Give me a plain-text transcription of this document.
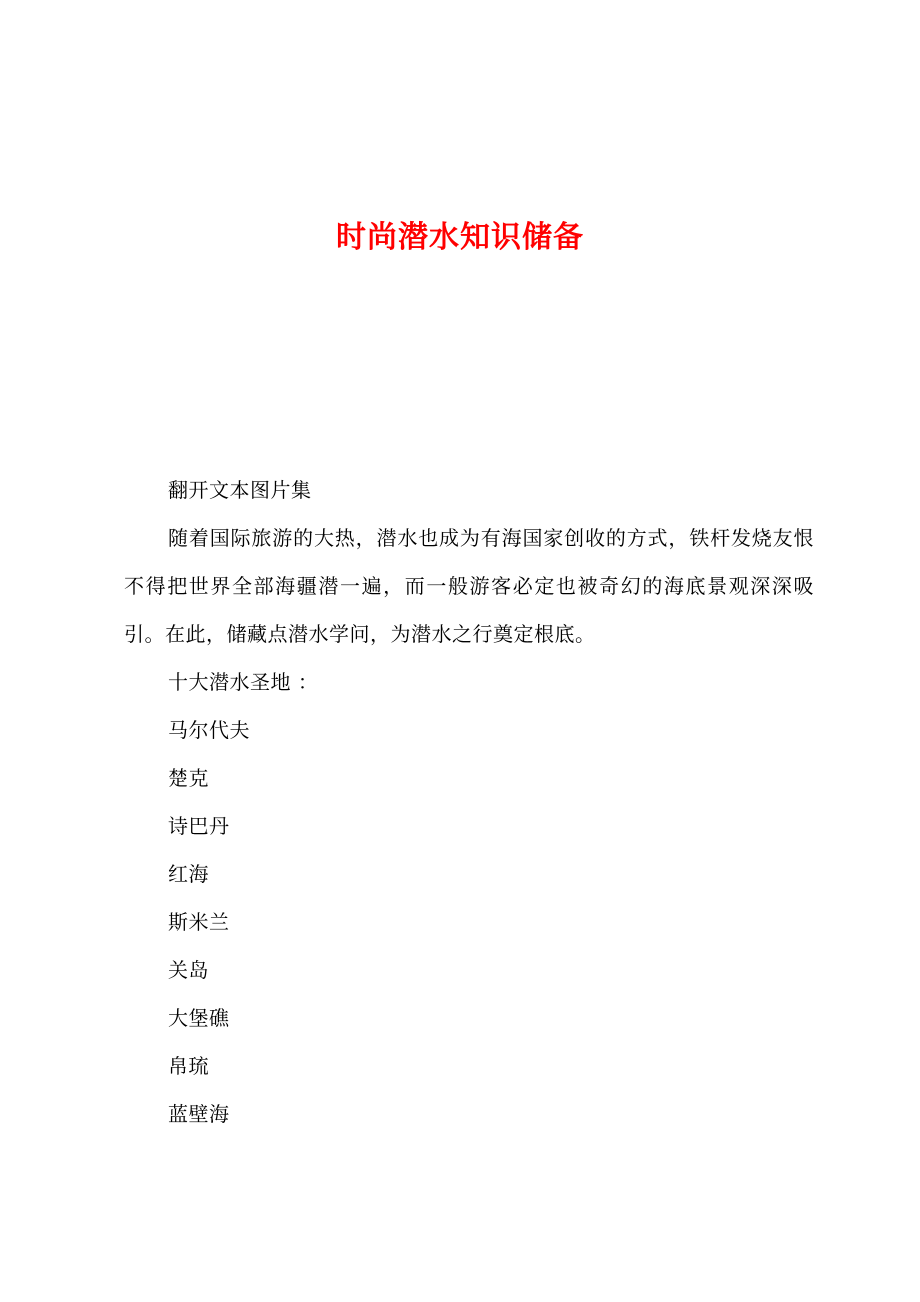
时尚潜水知识储备

翻开文本图片集

随着国际旅游的大热，潜水也成为有海国家创收的方式，铁杆发烧友恨不得把世界全部海疆潜一遍，而一般游客必定也被奇幻的海底景观深深吸引。在此，储藏点潜水学问，为潜水之行奠定根底。

十大潜水圣地 ：

马尔代夫
楚克
诗巴丹
红海
斯米兰
关岛
大堡礁
帛琉
蓝壁海
